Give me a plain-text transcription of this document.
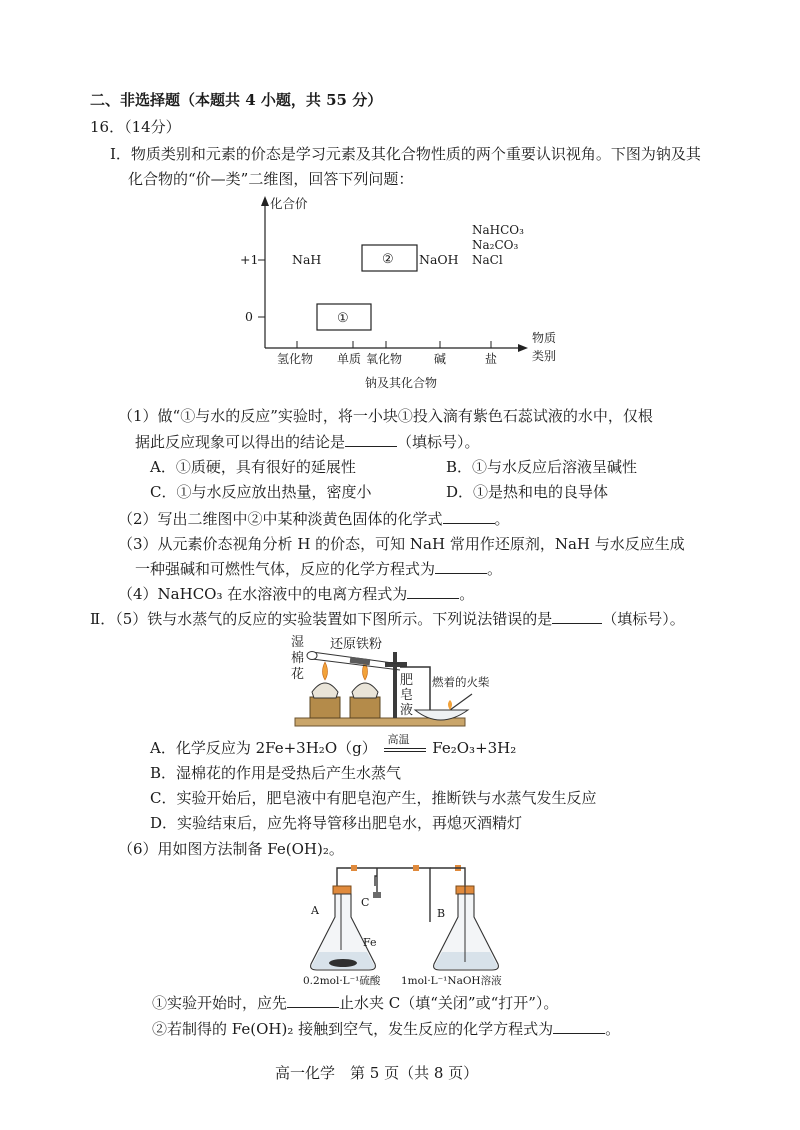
二、非选择题（本题共 4 小题，共 55 分）
16．（14分）
Ⅰ．物质类别和元素的价态是学习元素及其化合物性质的两个重要认识视角。下图为钠及其
化合物的“价—类”二维图，回答下列问题：
化合价
+1
0
NaH	② NaOH
①
NaHCO₃
Na₂CO₃
NaCl
氢化物 单质 氧化物	碱	盐
物质
类别
钠及其化合物
（1）做“①与水的反应”实验时，将一小块①投入滴有紫色石蕊试液的水中，仅根
据此反应现象可以得出的结论是	（填标号）。
A．①质硬，具有很好的延展性	B．①与水反应后溶液呈碱性
C．①与水反应放出热量，密度小	D．①是热和电的良导体
（2）写出二维图中②中某种淡黄色固体的化学式	。
（3）从元素价态视角分析 H 的价态，可知 NaH 常用作还原剂，NaH 与水反应生成
一种强碱和可燃性气体，反应的化学方程式为	。
（4）NaHCO₃ 在水溶液中的电离方程式为	。
Ⅱ．（5）铁与水蒸气的反应的实验装置如下图所示。下列说法错误的是	（填标号）。
湿
棉
花
还原铁粉
肥
皂
液
燃着的火柴
A．化学反应为 2Fe+3H₂O（g） 高温 Fe₂O₃+3H₂
B．湿棉花的作用是受热后产生水蒸气
C．实验开始后，肥皂液中有肥皂泡产生，推断铁与水蒸气发生反应
D．实验结束后，应先将导管移出肥皂水，再熄灭酒精灯
（6）用如图方法制备 Fe(OH)₂。
A	B
C
Fe
0.2mol·L⁻¹硫酸 1mol·L⁻¹NaOH溶液
①实验开始时，应先	止水夹 C（填“关闭”或“打开”）。
②若制得的 Fe(OH)₂ 接触到空气，发生反应的化学方程式为	。
高一化学　第 5 页（共 8 页）
